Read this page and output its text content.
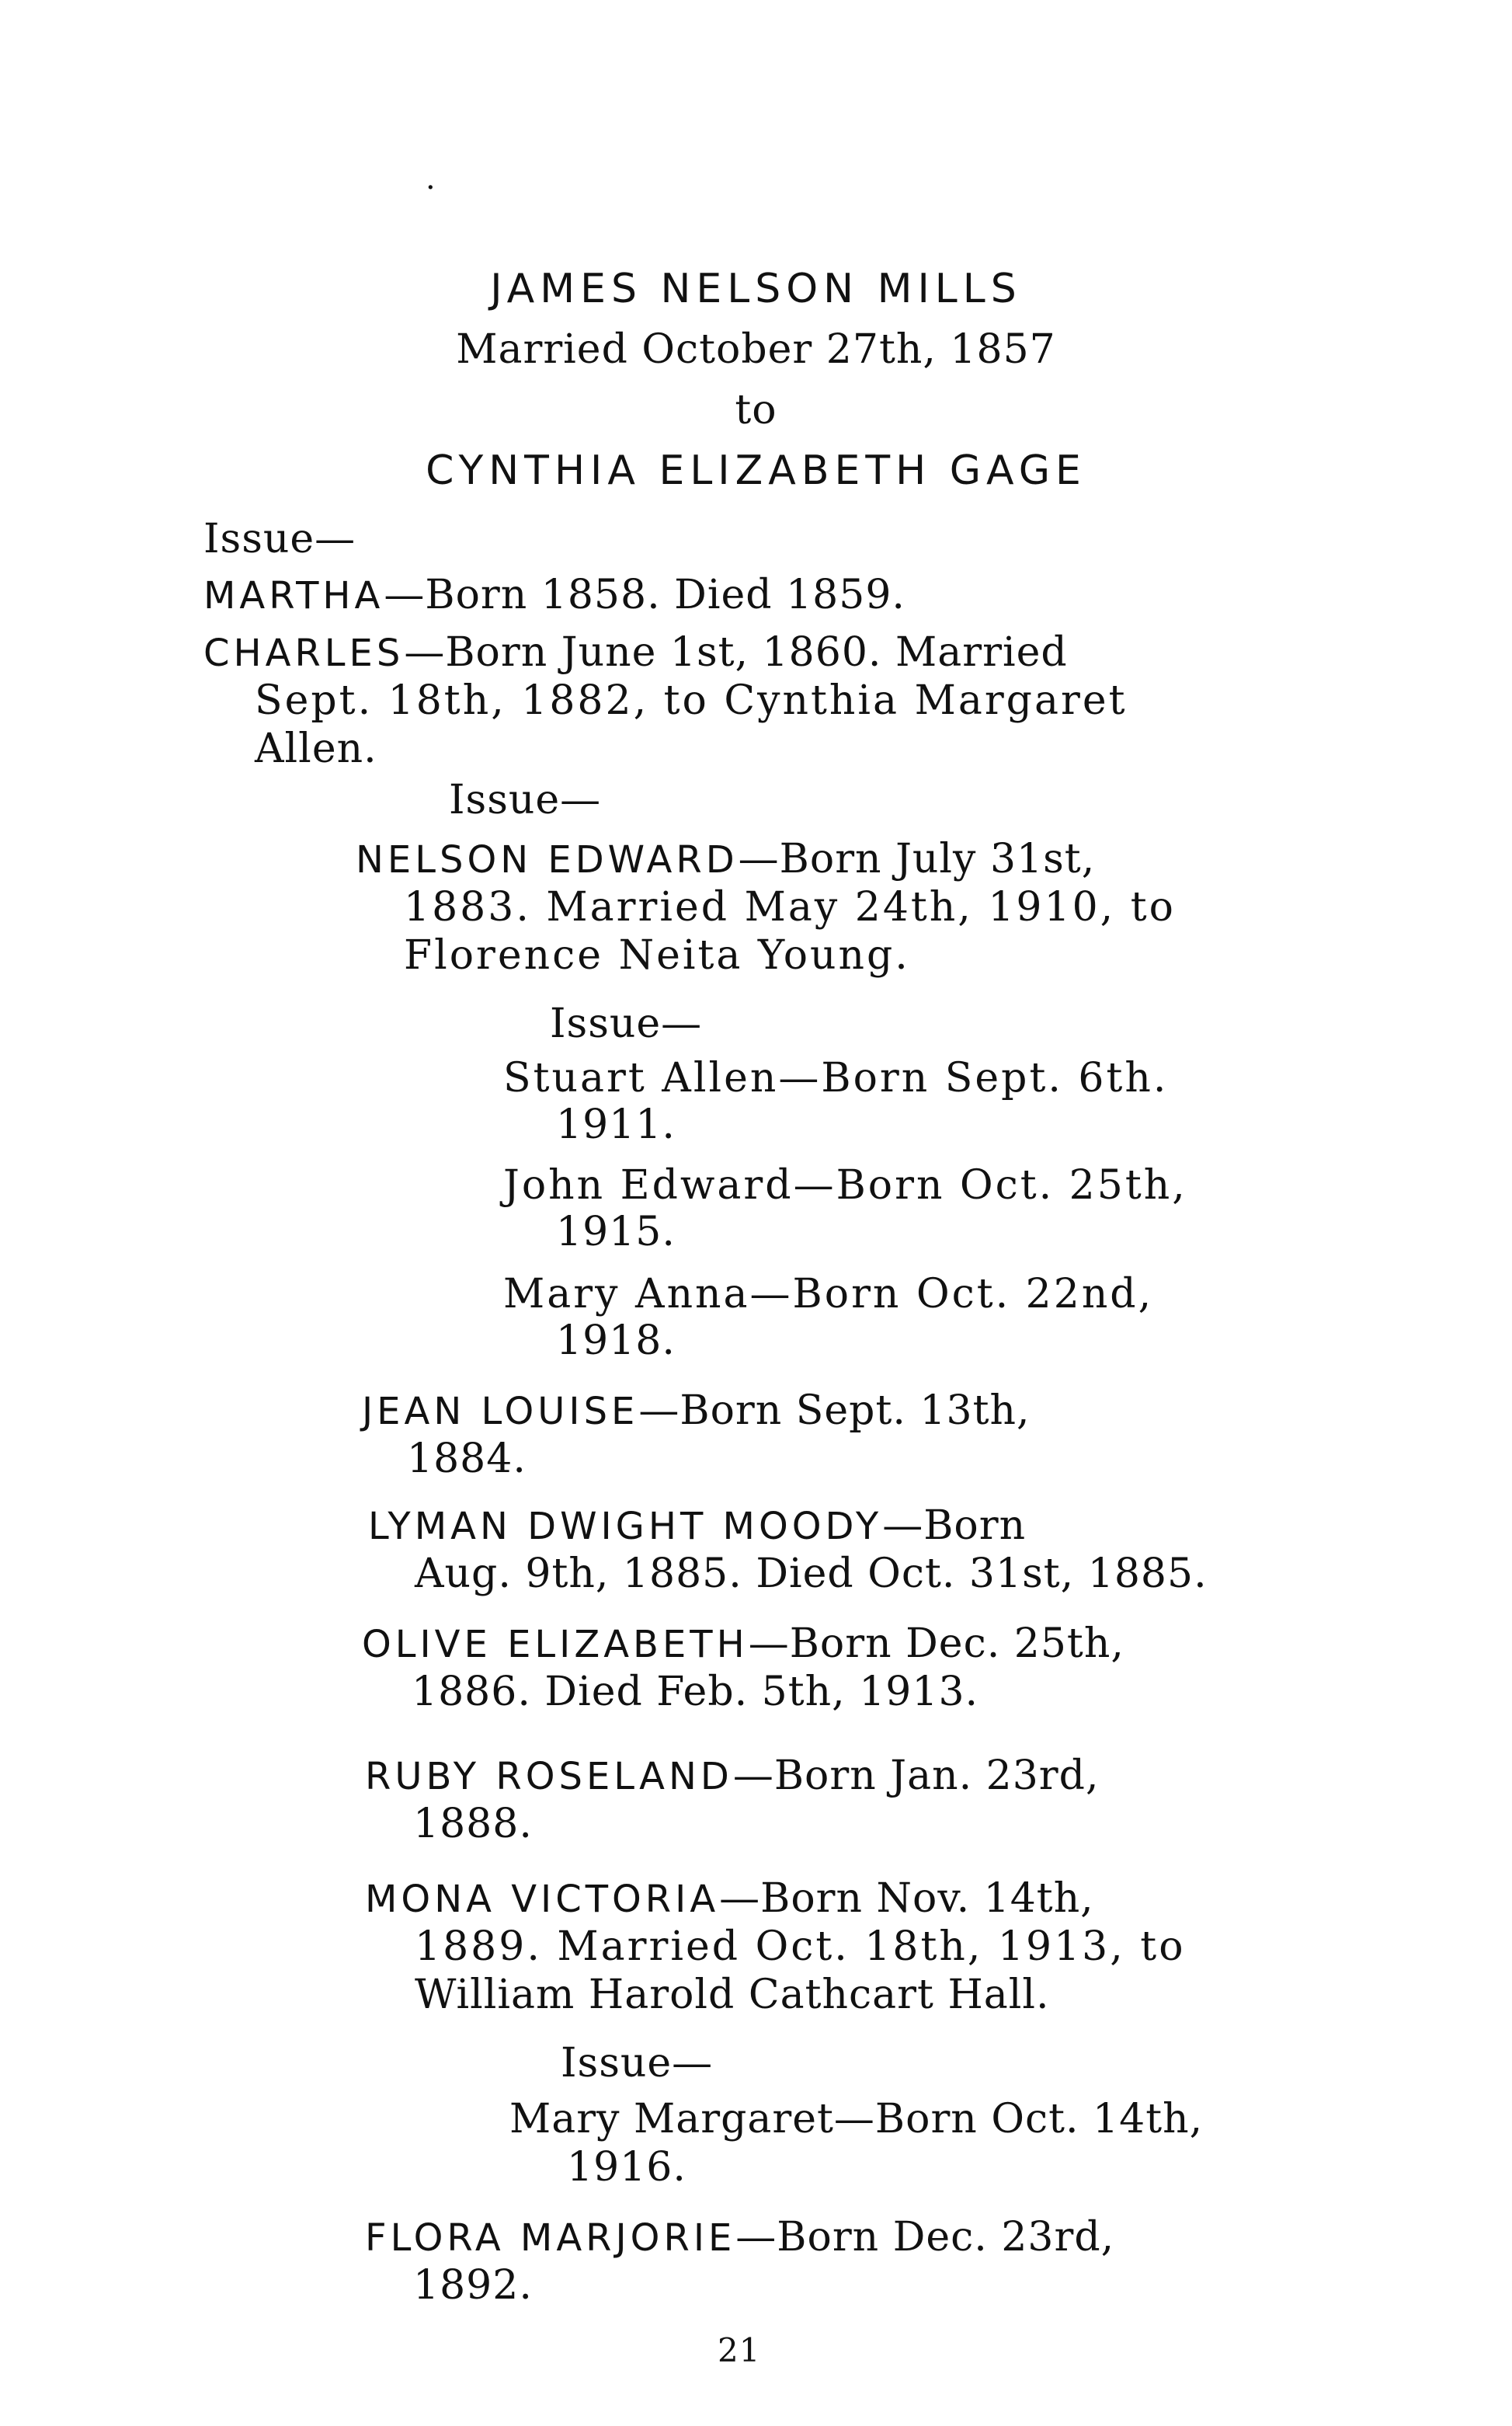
·
JAMES NELSON MILLS
Married October 27th, 1857
to
CYNTHIA ELIZABETH GAGE
Issue—
MARTHA—Born 1858. Died 1859.
CHARLES—Born June 1st, 1860. Married
Sept. 18th, 1882, to Cynthia Margaret
Allen.
Issue—
NELSON EDWARD—Born July 31st,
1883. Married May 24th, 1910, to
Florence Neita Young.
Issue—
Stuart Allen—Born Sept. 6th.
1911.
John Edward—Born Oct. 25th,
1915.
Mary Anna—Born Oct. 22nd,
1918.
JEAN LOUISE—Born Sept. 13th,
1884.
LYMAN DWIGHT MOODY—Born
Aug. 9th, 1885. Died Oct. 31st, 1885.
OLIVE ELIZABETH—Born Dec. 25th,
1886. Died Feb. 5th, 1913.
RUBY ROSELAND—Born Jan. 23rd,
1888.
MONA VICTORIA—Born Nov. 14th,
1889. Married Oct. 18th, 1913, to
William Harold Cathcart Hall.
Issue—
Mary Margaret—Born Oct. 14th,
1916.
FLORA MARJORIE—Born Dec. 23rd,
1892.
21
